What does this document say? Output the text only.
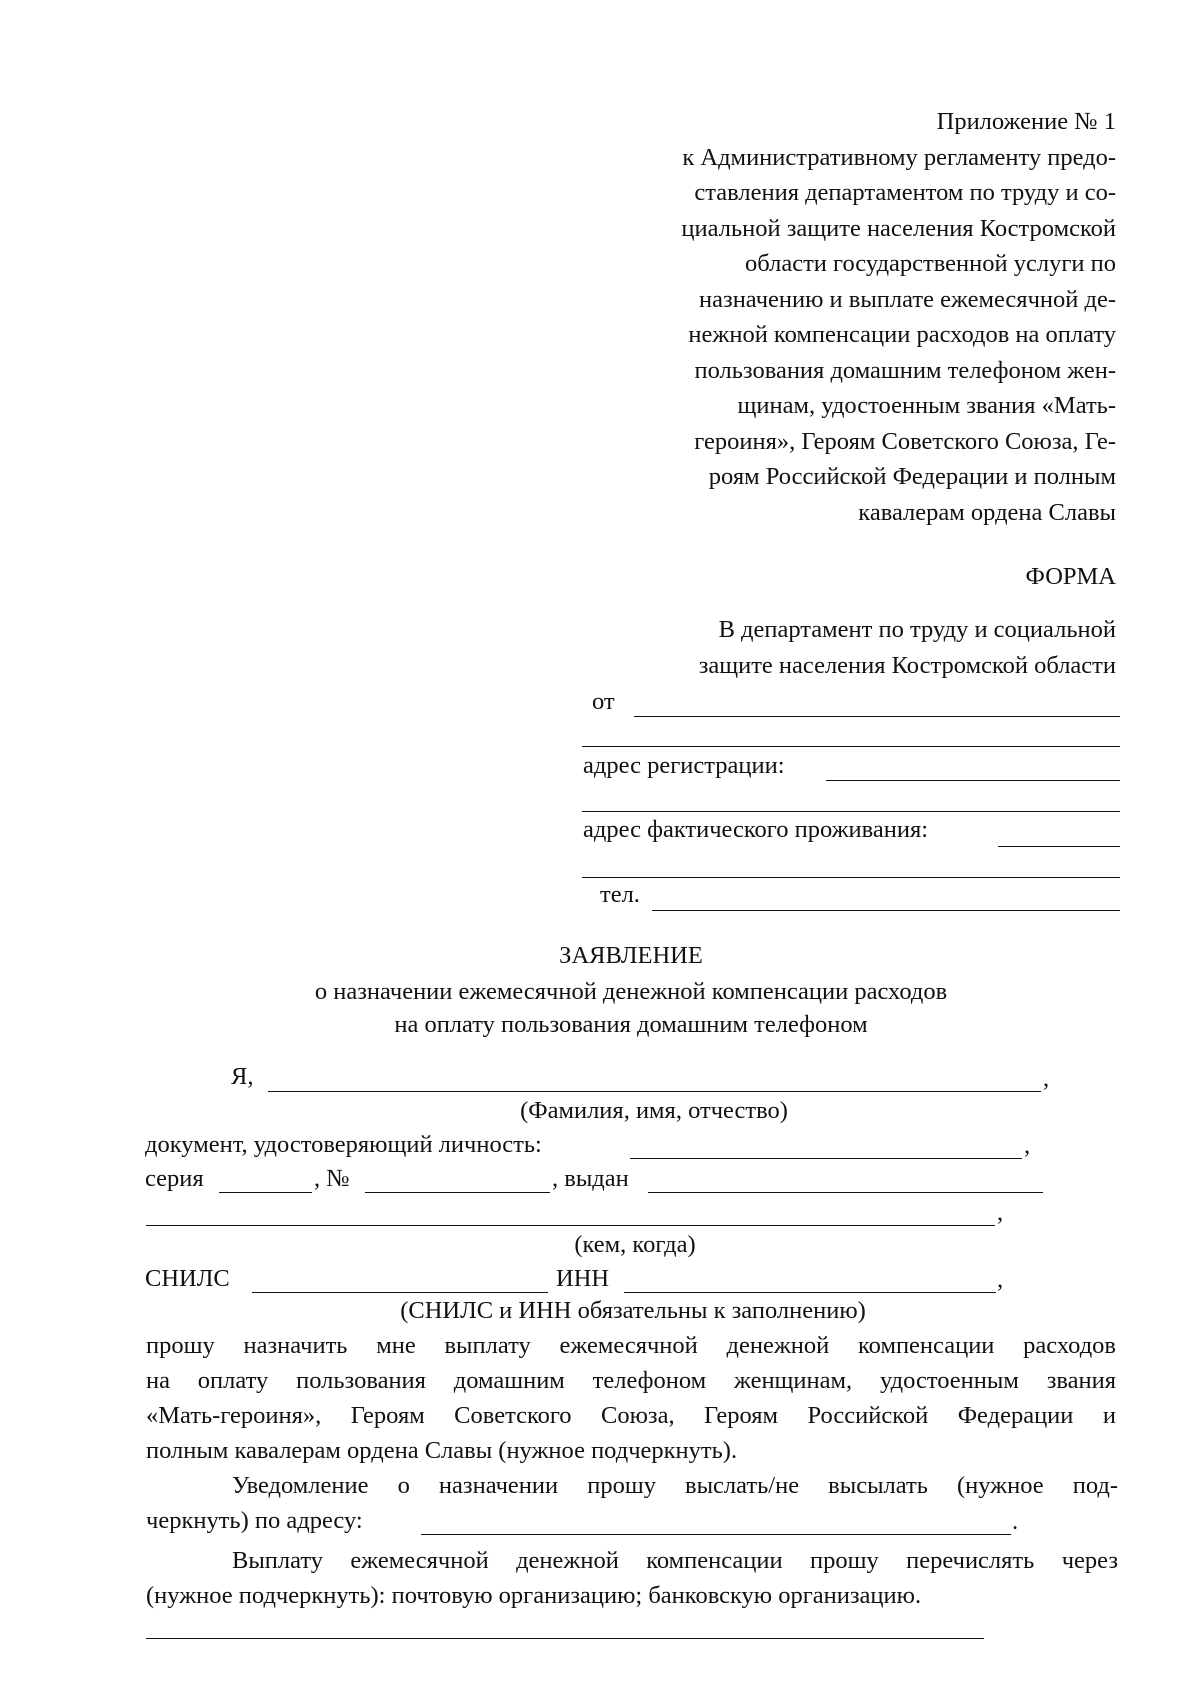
Приложение № 1
к Административному регламенту предо-
ставления департаментом по труду и со-
циальной защите населения Костромской
области государственной услуги по
назначению и выплате ежемесячной де-
нежной компенсации расходов на оплату
пользования домашним телефоном жен-
щинам, удостоенным звания «Мать-
героиня», Героям Советского Союза, Ге-
роям Российской Федерации и полным
кавалерам ордена Славы
ФОРМА
В департамент по труду и социальной
защите населения Костромской области
от
адрес регистрации:
адрес фактического проживания:
тел.
ЗАЯВЛЕНИЕ
о назначении ежемесячной денежной компенсации расходов
на оплату пользования домашним телефоном
Я,	,
(Фамилия, имя, отчество)
документ, удостоверяющий личность:	,
серия	, №	, выдан
,
(кем, когда)
СНИЛС	ИНН	,
(СНИЛС и ИНН обязательны к заполнению)
прошу назначить мне выплату ежемесячной денежной компенсации расходов
на оплату пользования домашним телефоном женщинам, удостоенным звания
«Мать-героиня», Героям Советского Союза, Героям Российской Федерации и
полным кавалерам ордена Славы (нужное подчеркнуть).
Уведомление о назначении прошу выслать/не высылать (нужное под-
черкнуть) по адресу:	.
Выплату ежемесячной денежной компенсации прошу перечислять через
(нужное подчеркнуть): почтовую организацию; банковскую организацию.
